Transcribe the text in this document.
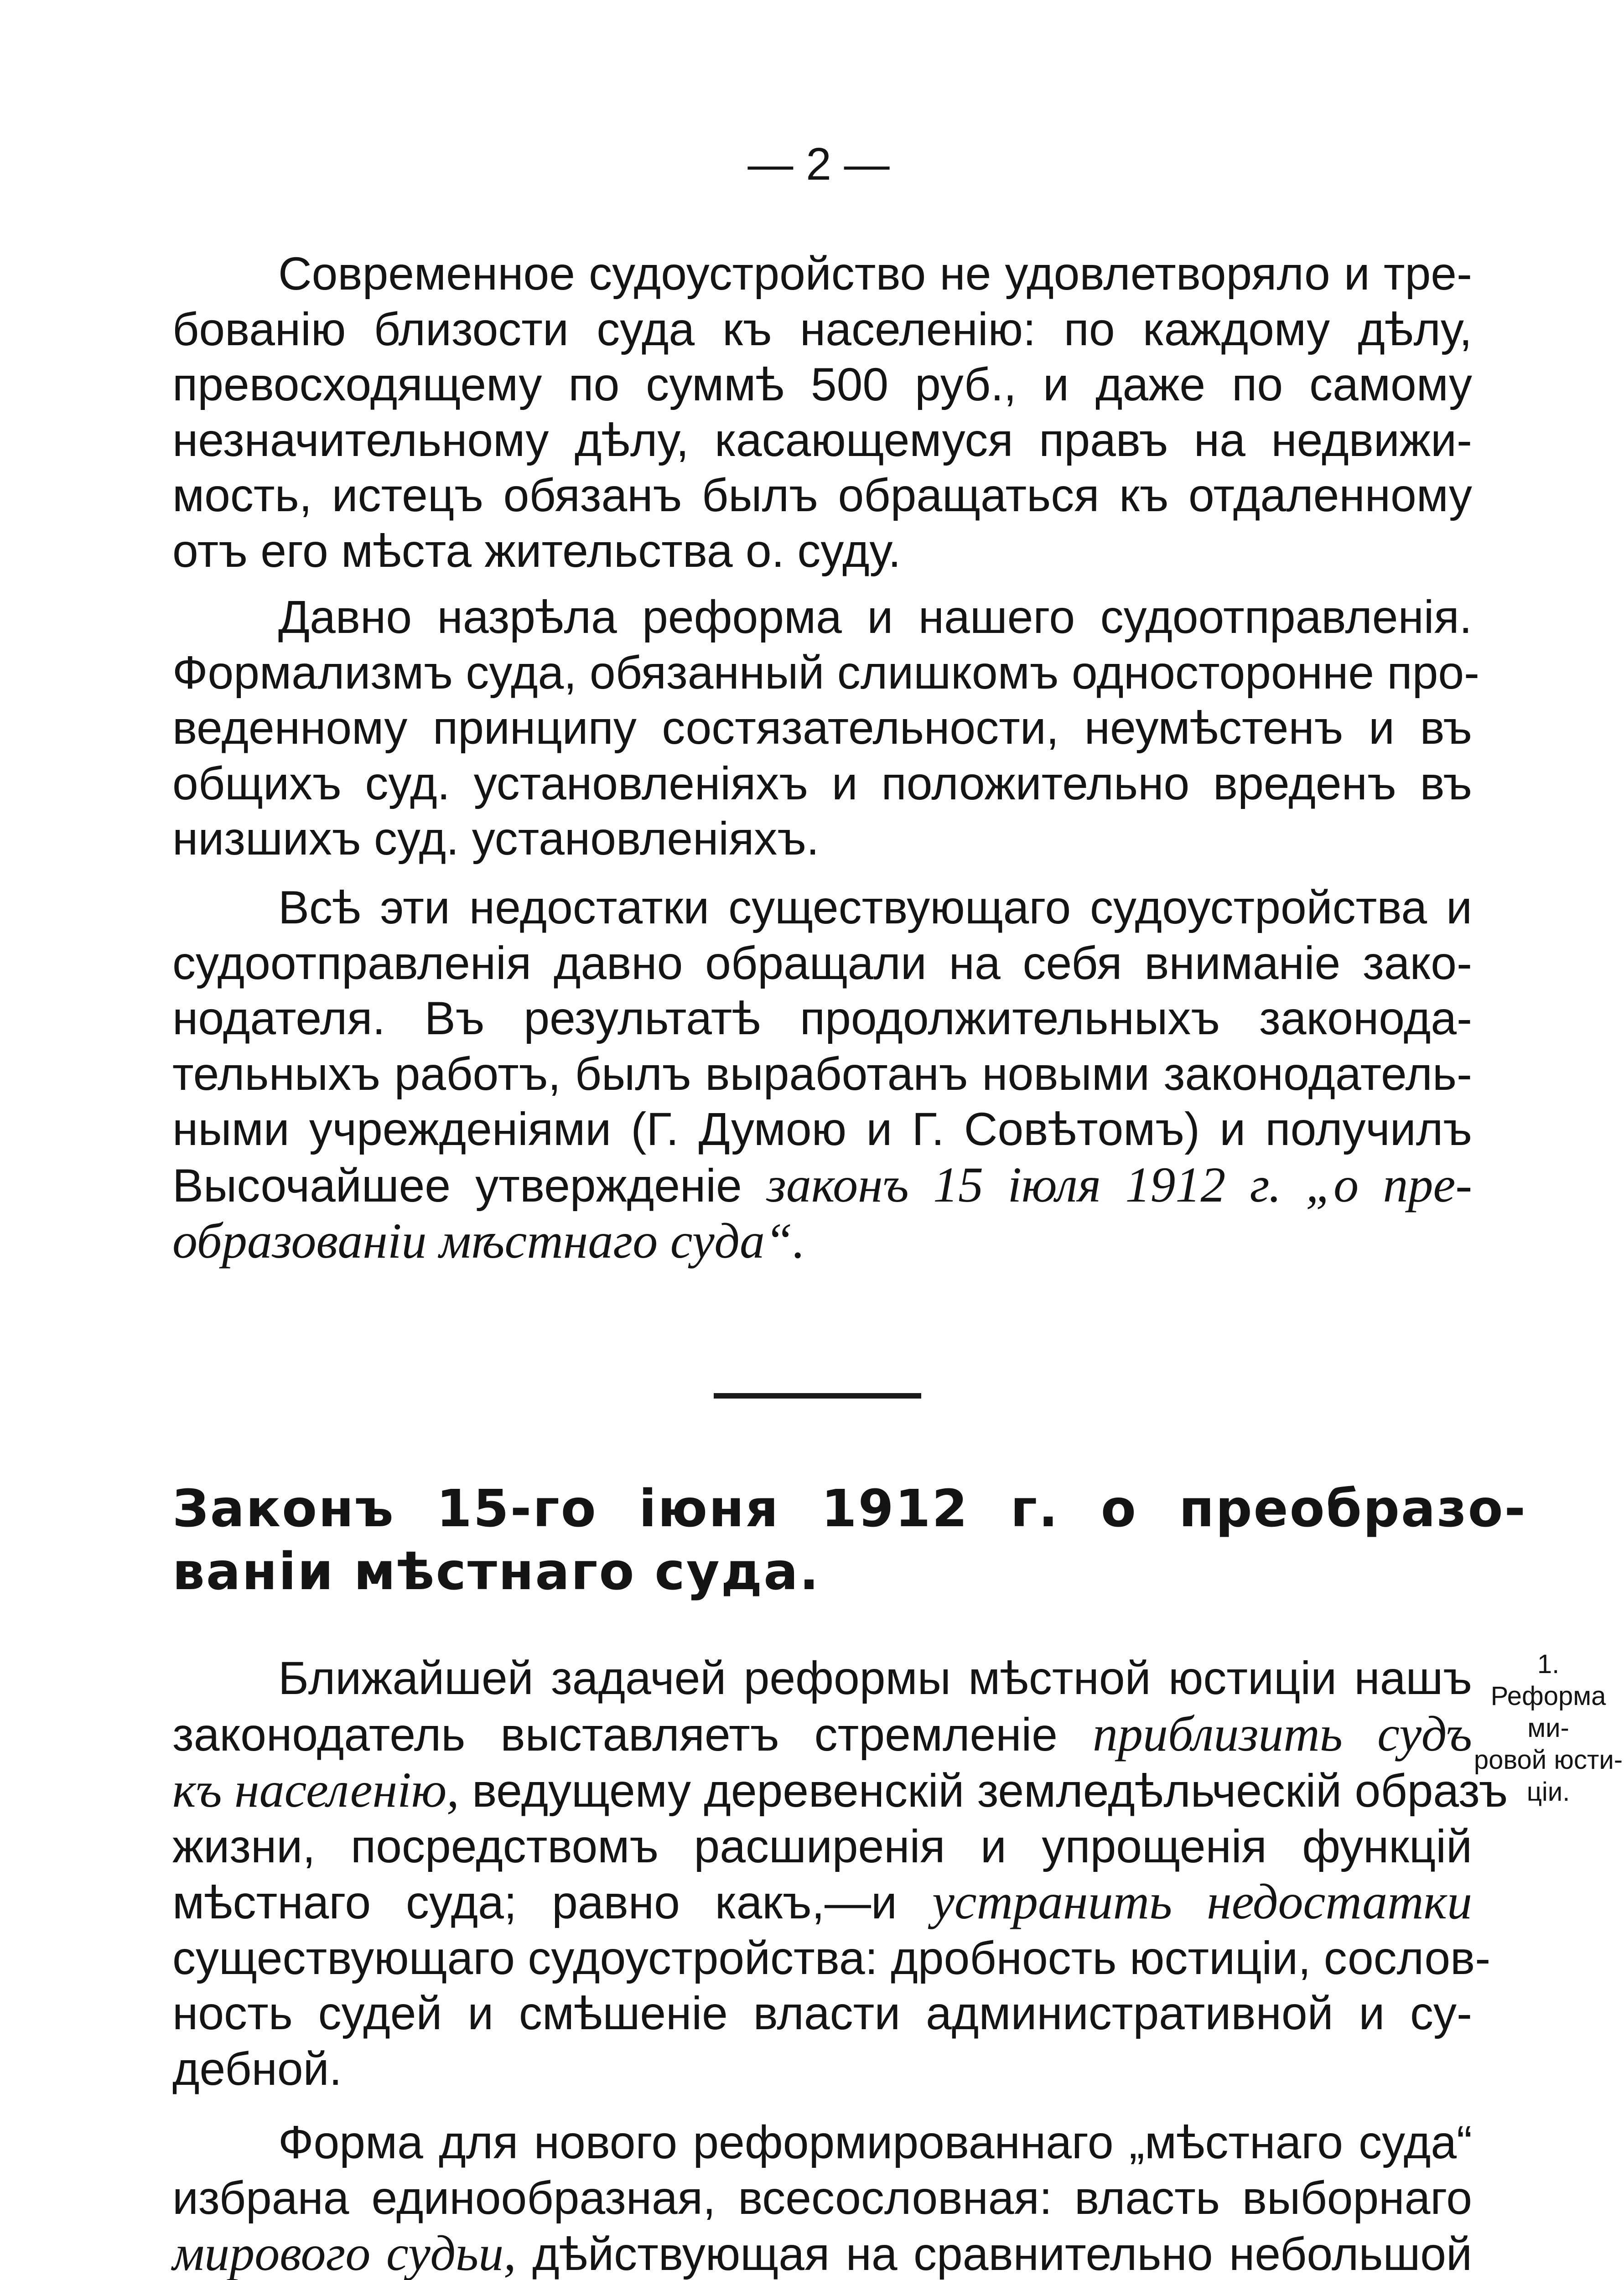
— 2 —
Современное судоустройство не удовлетворяло и тре-
бованію близости суда къ населенію: по каждому дѣлу,
превосходящему по суммѣ 500 руб., и даже по самому
незначительному дѣлу, касающемуся правъ на недвижи-
мость, истецъ обязанъ былъ обращаться къ отдаленному
отъ его мѣста жительства о. суду.
Давно назрѣла реформа и нашего судоотправленія.
Формализмъ суда, обязанный слишкомъ односторонне про-
веденному принципу состязательности, неумѣстенъ и въ
общихъ суд. установленіяхъ и положительно вреденъ въ
низшихъ суд. установленіяхъ.
Всѣ эти недостатки существующаго судоустройства и
судоотправленія давно обращали на себя вниманіе зако-
нодателя. Въ результатѣ продолжительныхъ законода-
тельныхъ работъ, былъ выработанъ новыми законодатель-
ными учрежденіями (Г. Думою и Г. Совѣтомъ) и получилъ
Высочайшее утвержденіе законъ 15 іюля 1912 г. „о пре-
образованіи мѣстнаго суда“.
Законъ 15-го іюня 1912 г. о преобразо-
ваніи мѣстнаго суда.
1.
Реформа ми-
ровой юсти-
ціи.
Ближайшей задачей реформы мѣстной юстиціи нашъ
законодатель выставляетъ стремленіе приблизить судъ
къ населенію, ведущему деревенскій земледѣльческій образъ
жизни, посредствомъ расширенія и упрощенія функцій
мѣстнаго суда; равно какъ,—и устранить недостатки
существующаго судоустройства: дробность юстиціи, сослов-
ность судей и смѣшеніе власти административной и су-
дебной.
Форма для нового реформированнаго „мѣстнаго суда“
избрана единообразная, всесословная: власть выборнаго
мирового судьи, дѣйствующая на сравнительно небольшой
